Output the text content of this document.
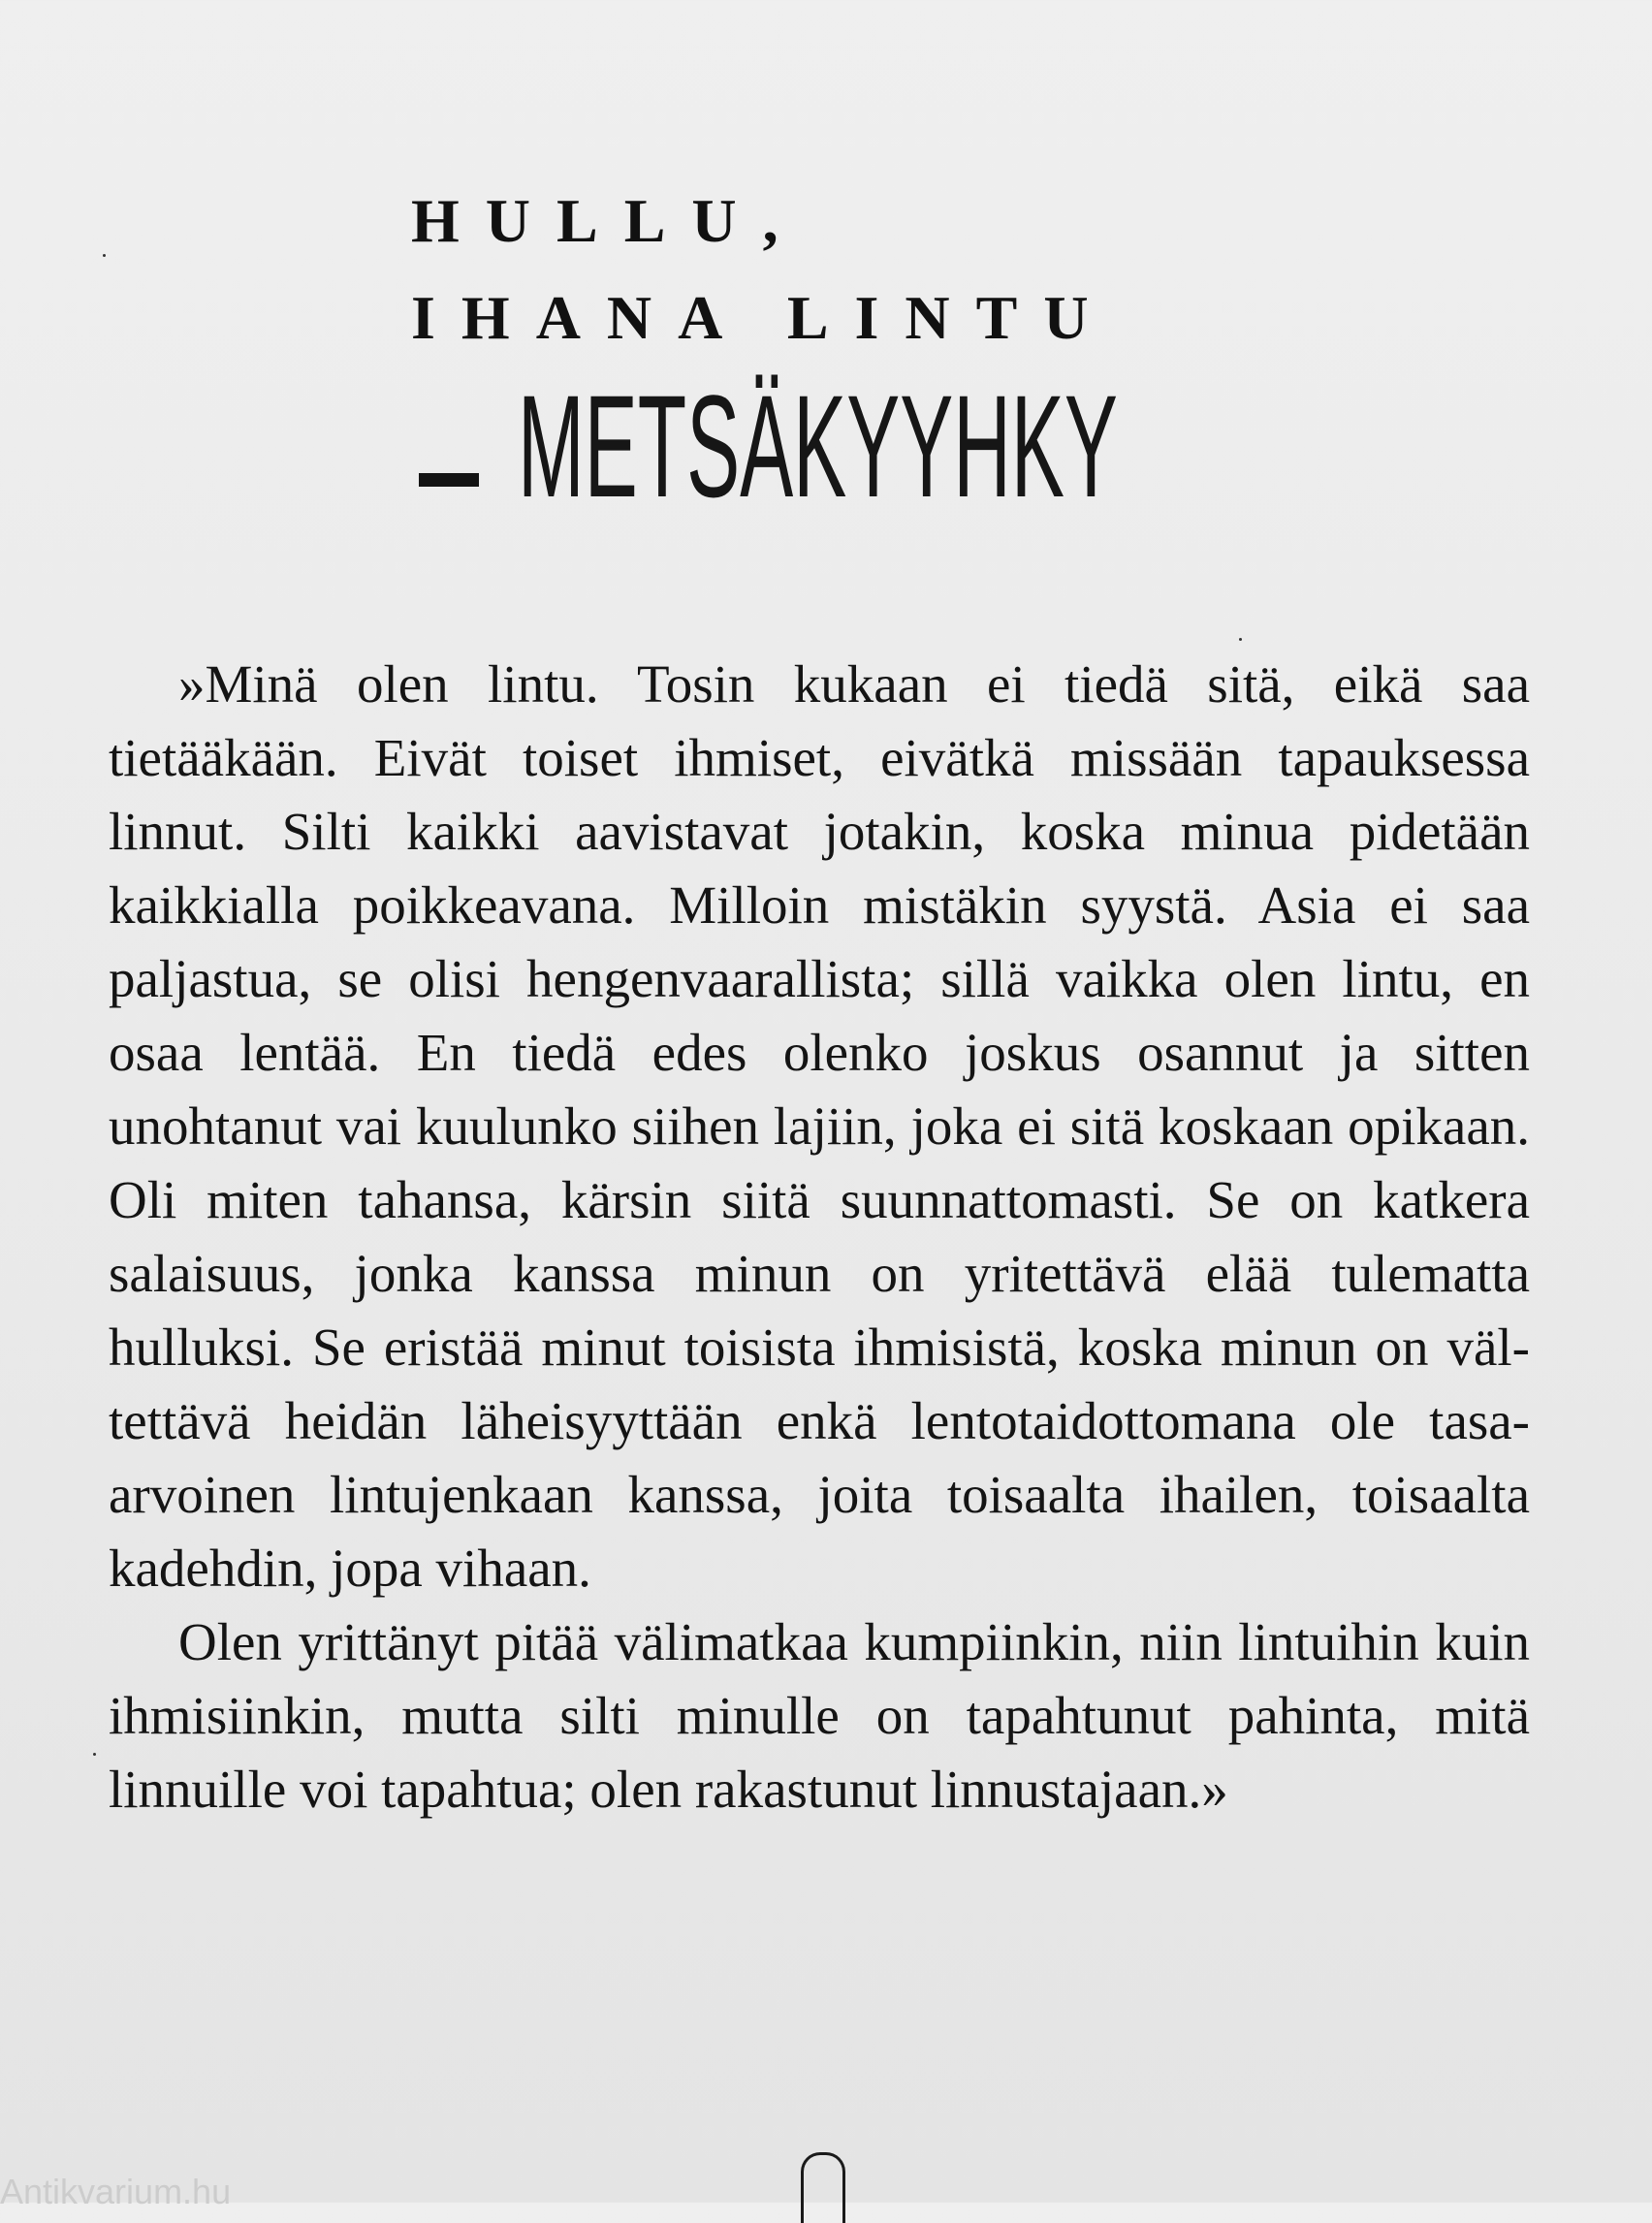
HULLU,
IHANA LINTU
METSÄKYYHKY

»Minä olen lintu. Tosin kukaan ei tiedä sitä, eikä saa tietääkään. Eivät toiset ihmiset, eivätkä missään tapauksessa linnut. Silti kaikki aavistavat jotakin, koska minua pidetään kaikkialla poikkeavana. Milloin mistäkin syystä. Asia ei saa paljastua, se olisi hengenvaarallista; sillä vaikka olen lintu, en osaa lentää. En tiedä edes olenko joskus osannut ja sitten unohtanut vai kuulunko siihen lajiin, joka ei sitä koskaan opikaan. Oli miten tahansa, kärsin siitä suunnattomasti. Se on katkera salaisuus, jonka kanssa minun on yritettävä elää tulematta hulluksi. Se eristää minut toisista ihmisistä, koska minun on vältettävä heidän läheisyyttään enkä lentotaidottomana ole tasa-arvoinen lintujenkaan kanssa, joita toisaalta ihailen, toisaalta kadehdin, jopa vihaan.

Olen yrittänyt pitää välimatkaa kumpiinkin, niin lintuihin kuin ihmisiinkin, mutta silti minulle on tapahtunut pahinta, mitä linnuille voi tapahtua; olen rakastunut linnustajaan.»

Antikvarium.hu
